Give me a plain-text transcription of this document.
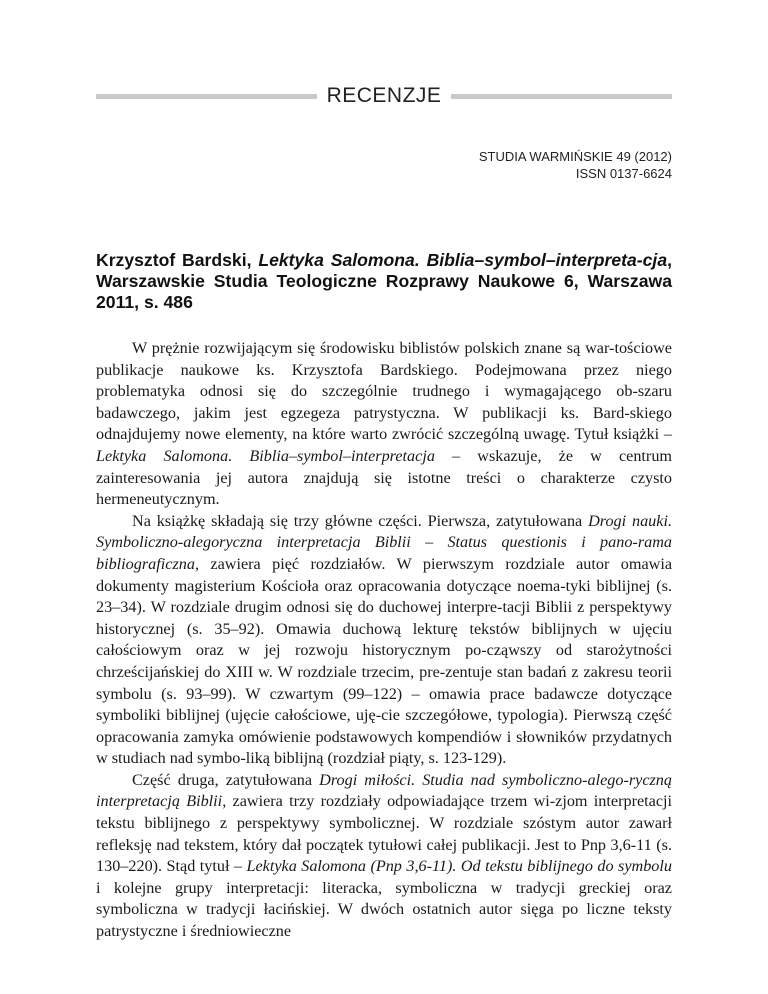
RECENZJE
STUDIA WARMIŃSKIE 49 (2012)
ISSN 0137-6624
Krzysztof Bardski, Lektyka Salomona. Biblia–symbol–interpreta-cja, Warszawskie Studia Teologiczne Rozprawy Naukowe 6, Warszawa 2011, s. 486

W prężnie rozwijającym się środowisku biblistów polskich znane są war-tościowe publikacje naukowe ks. Krzysztofa Bardskiego. Podejmowana przez niego problematyka odnosi się do szczególnie trudnego i wymagającego ob-szaru badawczego, jakim jest egzegeza patrystyczna. W publikacji ks. Bard-skiego odnajdujemy nowe elementy, na które warto zwrócić szczególną uwagę. Tytuł książki – Lektyka Salomona. Biblia–symbol–interpretacja – wskazuje, że w centrum zainteresowania jej autora znajdują się istotne treści o charakterze czysto hermeneutycznym.

Na książkę składają się trzy główne części. Pierwsza, zatytułowana Drogi nauki. Symboliczno-alegoryczna interpretacja Biblii – Status questionis i pano-rama bibliograficzna, zawiera pięć rozdziałów. W pierwszym rozdziale autor omawia dokumenty magisterium Kościoła oraz opracowania dotyczące noema-tyki biblijnej (s. 23–34). W rozdziale drugim odnosi się do duchowej interpre-tacji Biblii z perspektywy historycznej (s. 35–92). Omawia duchową lekturę tekstów biblijnych w ujęciu całościowym oraz w jej rozwoju historycznym po-cząwszy od starożytności chrześcijańskiej do XIII w. W rozdziale trzecim, pre-zentuje stan badań z zakresu teorii symbolu (s. 93–99). W czwartym (99–122) – omawia prace badawcze dotyczące symboliki biblijnej (ujęcie całościowe, uję-cie szczegółowe, typologia). Pierwszą część opracowania zamyka omówienie podstawowych kompendiów i słowników przydatnych w studiach nad symbo-liką biblijną (rozdział piąty, s. 123-129).

Część druga, zatytułowana Drogi miłości. Studia nad symboliczno-alego-ryczną interpretacją Biblii, zawiera trzy rozdziały odpowiadające trzem wi-zjom interpretacji tekstu biblijnego z perspektywy symbolicznej. W rozdziale szóstym autor zawarł refleksję nad tekstem, który dał początek tytułowi całej publikacji. Jest to Pnp 3,6-11 (s. 130–220). Stąd tytuł – Lektyka Salomona (Pnp 3,6-11). Od tekstu biblijnego do symbolu i kolejne grupy interpretacji: literacka, symboliczna w tradycji greckiej oraz symboliczna w tradycji łacińskiej. W dwóch ostatnich autor sięga po liczne teksty patrystyczne i średniowieczne
